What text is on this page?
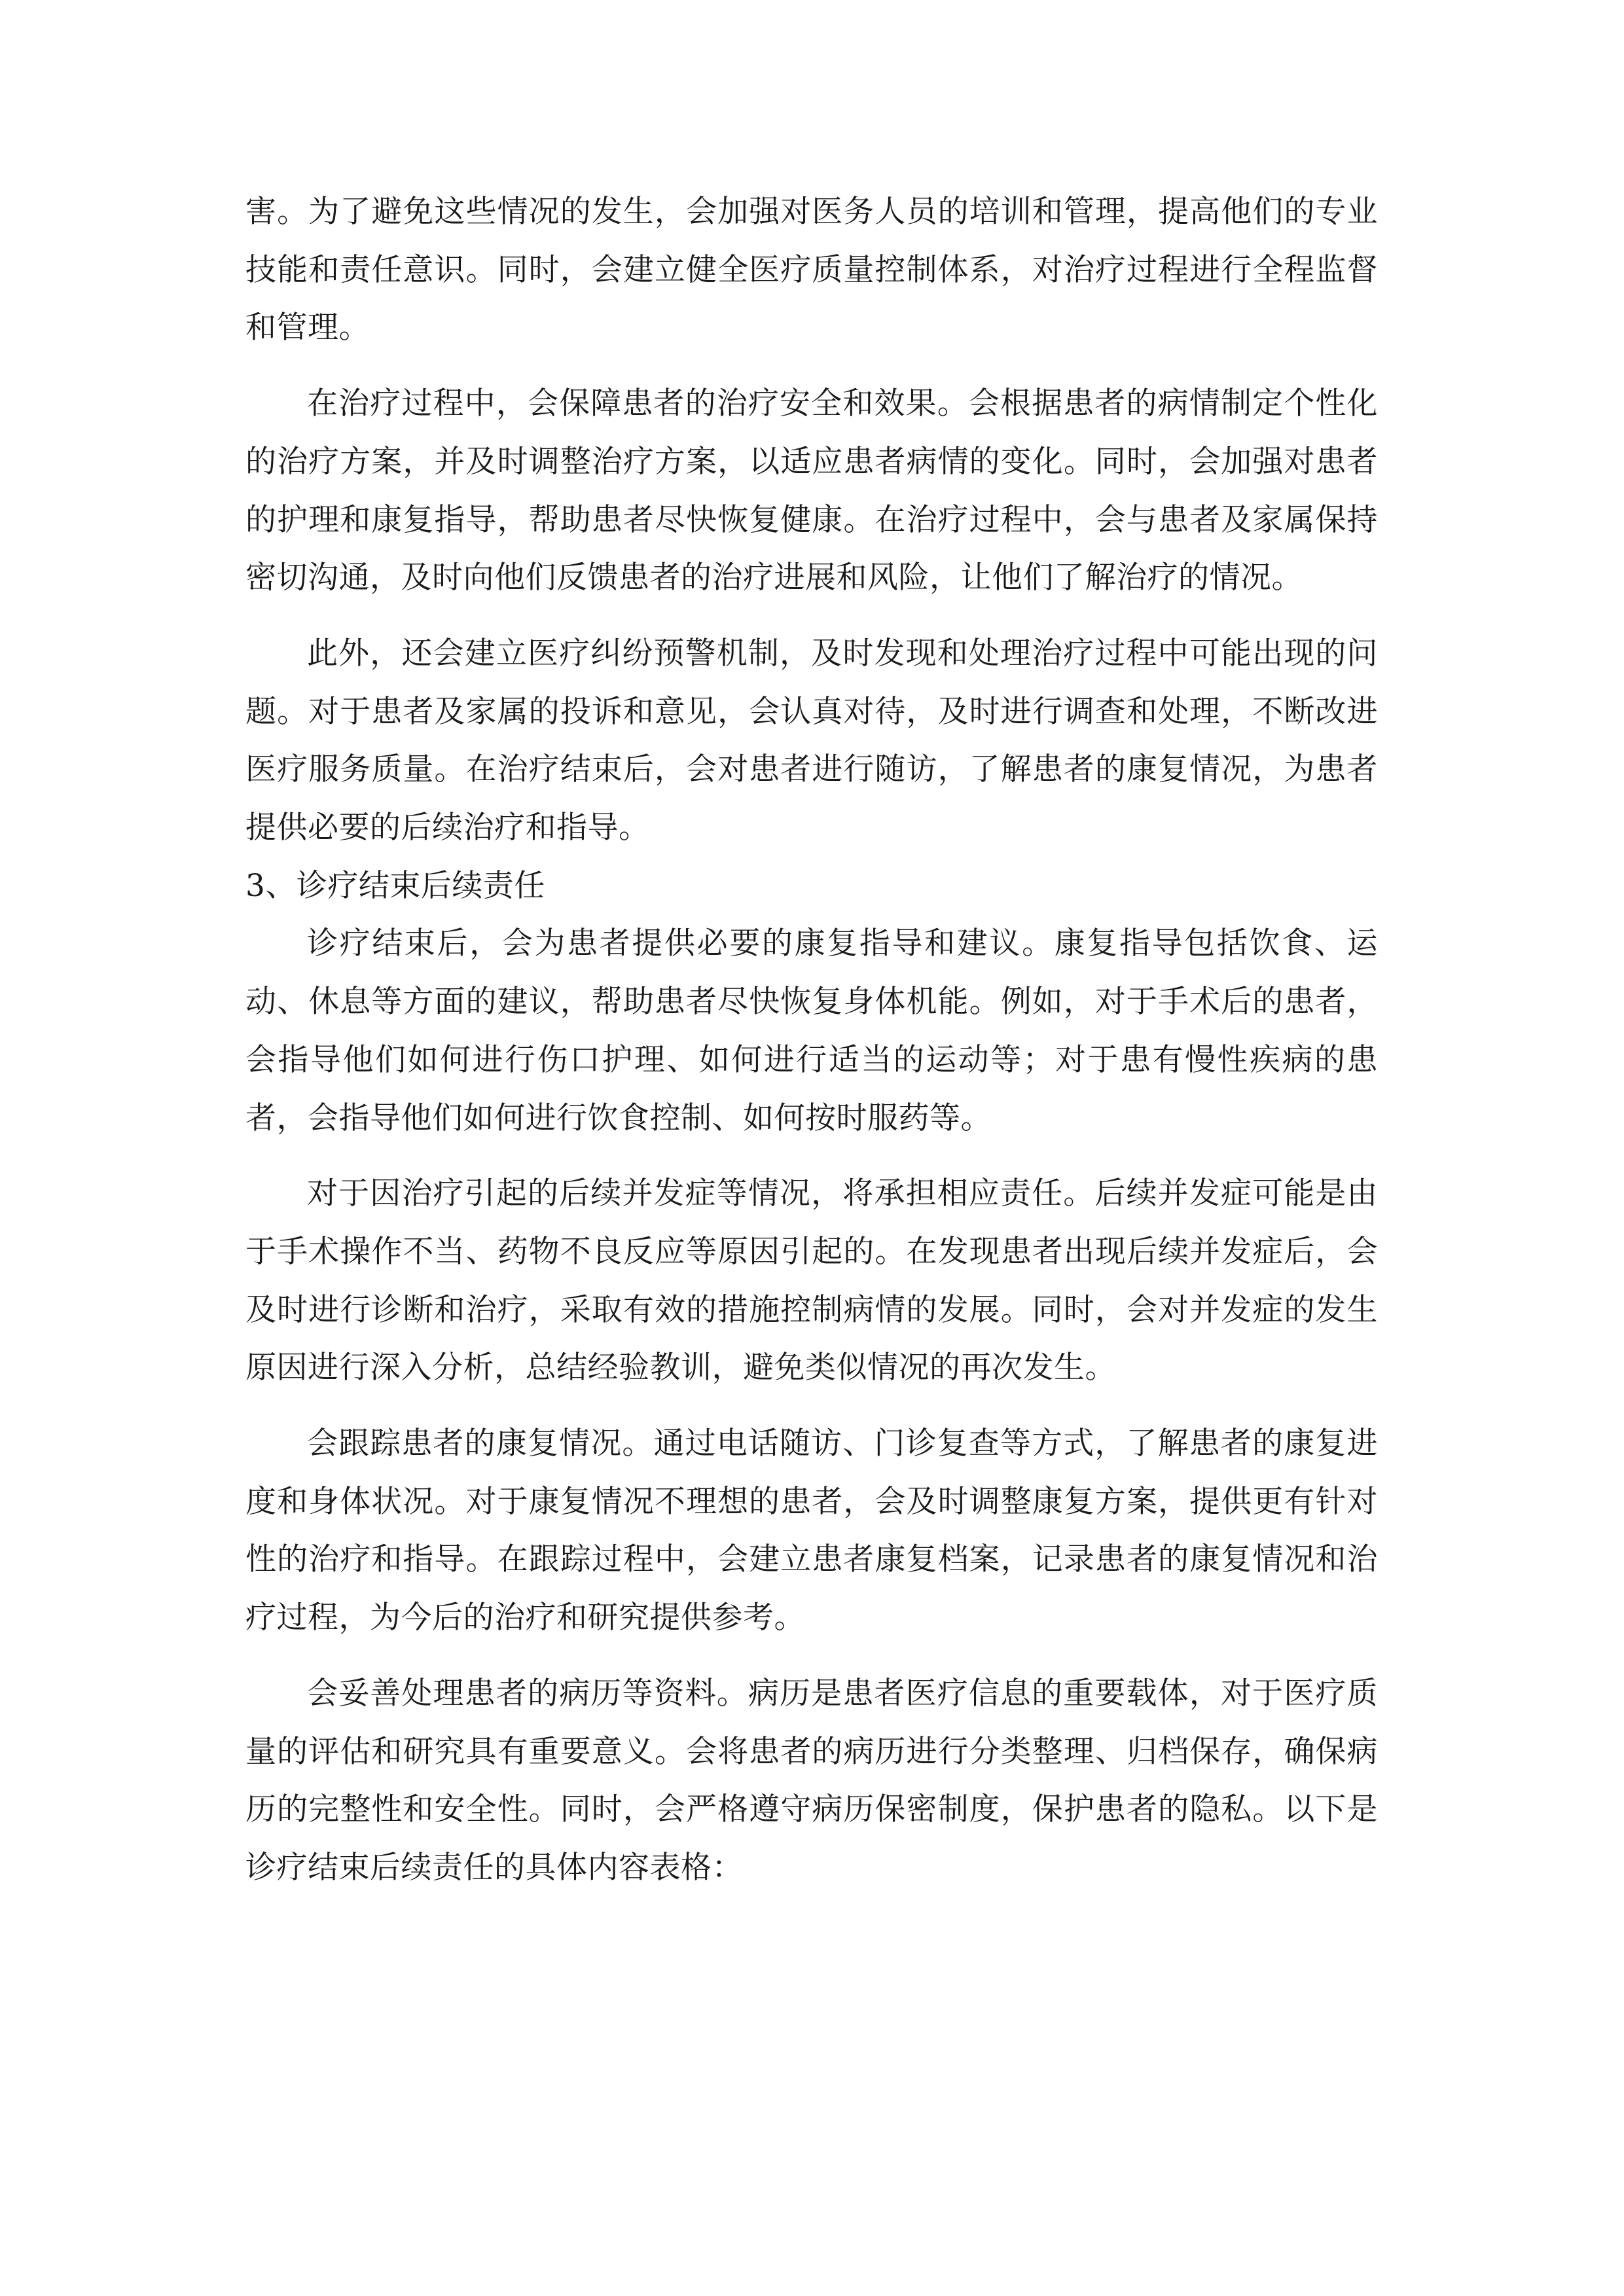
害。为了避免这些情况的发生，会加强对医务人员的培训和管理，提高他们的专业技能和责任意识。同时，会建立健全医疗质量控制体系，对治疗过程进行全程监督和管理。

在治疗过程中，会保障患者的治疗安全和效果。会根据患者的病情制定个性化的治疗方案，并及时调整治疗方案，以适应患者病情的变化。同时，会加强对患者的护理和康复指导，帮助患者尽快恢复健康。在治疗过程中，会与患者及家属保持密切沟通，及时向他们反馈患者的治疗进展和风险，让他们了解治疗的情况。

此外，还会建立医疗纠纷预警机制，及时发现和处理治疗过程中可能出现的问题。对于患者及家属的投诉和意见，会认真对待，及时进行调查和处理，不断改进医疗服务质量。在治疗结束后，会对患者进行随访，了解患者的康复情况，为患者提供必要的后续治疗和指导。

3、诊疗结束后续责任

诊疗结束后，会为患者提供必要的康复指导和建议。康复指导包括饮食、运动、休息等方面的建议，帮助患者尽快恢复身体机能。例如，对于手术后的患者，会指导他们如何进行伤口护理、如何进行适当的运动等；对于患有慢性疾病的患者，会指导他们如何进行饮食控制、如何按时服药等。

对于因治疗引起的后续并发症等情况，将承担相应责任。后续并发症可能是由于手术操作不当、药物不良反应等原因引起的。在发现患者出现后续并发症后，会及时进行诊断和治疗，采取有效的措施控制病情的发展。同时，会对并发症的发生原因进行深入分析，总结经验教训，避免类似情况的再次发生。

会跟踪患者的康复情况。通过电话随访、门诊复查等方式，了解患者的康复进度和身体状况。对于康复情况不理想的患者，会及时调整康复方案，提供更有针对性的治疗和指导。在跟踪过程中，会建立患者康复档案，记录患者的康复情况和治疗过程，为今后的治疗和研究提供参考。

会妥善处理患者的病历等资料。病历是患者医疗信息的重要载体，对于医疗质量的评估和研究具有重要意义。会将患者的病历进行分类整理、归档保存，确保病历的完整性和安全性。同时，会严格遵守病历保密制度，保护患者的隐私。以下是诊疗结束后续责任的具体内容表格：
